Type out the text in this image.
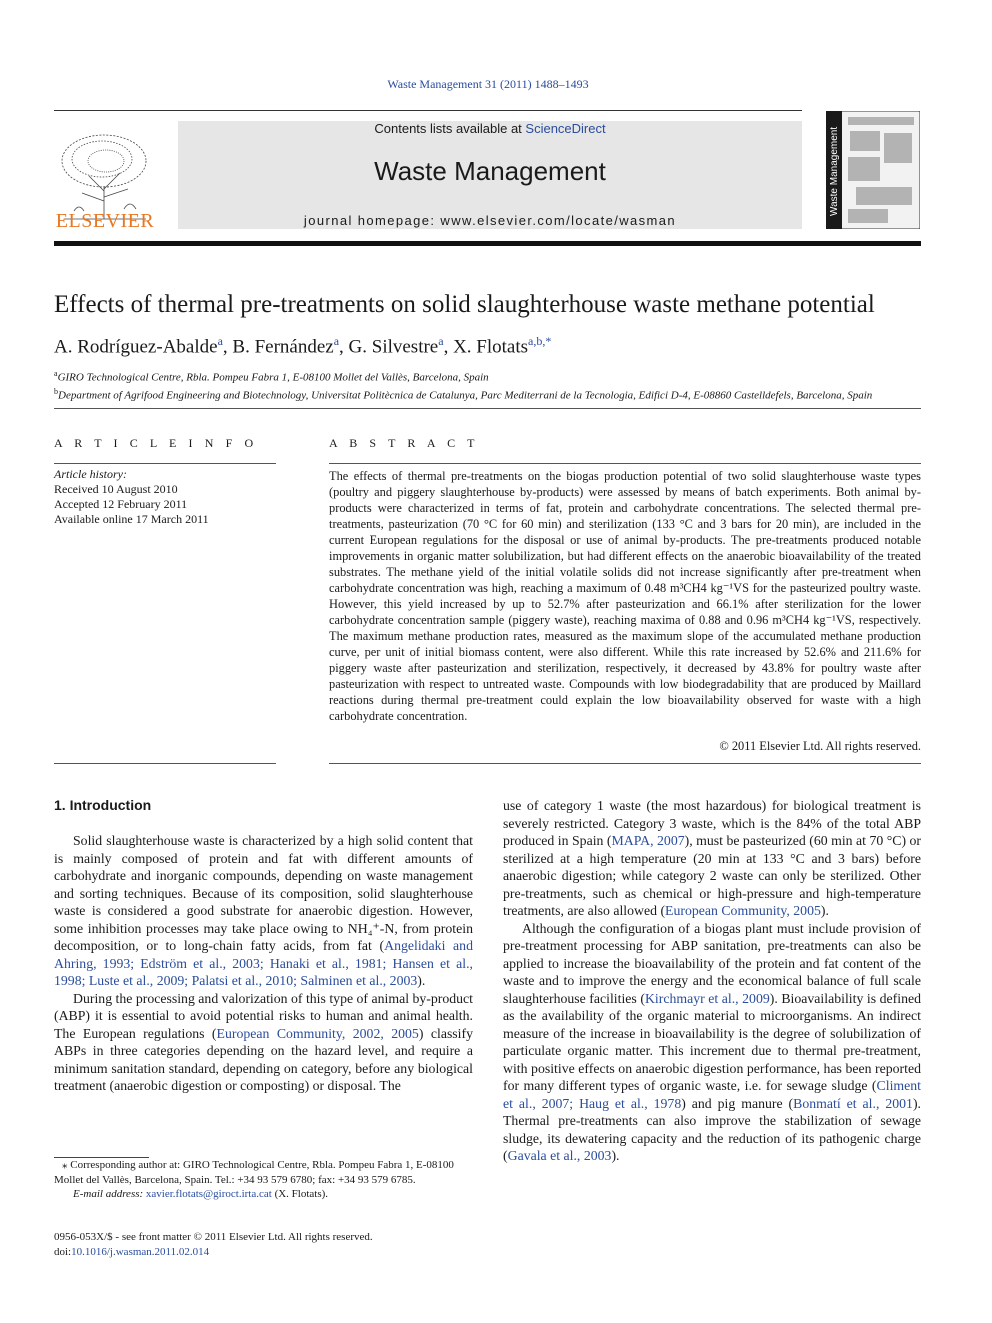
Waste Management 31 (2011) 1488–1493
ELSEVIER
Contents lists available at ScienceDirect
Waste Management
journal homepage: www.elsevier.com/locate/wasman
Waste Management
Effects of thermal pre-treatments on solid slaughterhouse waste methane potential
A. Rodríguez-Abalde$^a$, B. Fernández$^a$, G. Silvestre$^a$, X. Flotats$^{a,b,*}$
$^a$GIRO Technological Centre, Rbla. Pompeu Fabra 1, E-08100 Mollet del Vallès, Barcelona, Spain
$^b$Department of Agrifood Engineering and Biotechnology, Universitat Politècnica de Catalunya, Parc Mediterrani de la Tecnologia, Edifici D-4, E-08860 Castelldefels, Barcelona, Spain
A R T I C L E I N F O
Article history:
Received 10 August 2010
Accepted 12 February 2011
Available online 17 March 2011
A B S T R A C T

The effects of thermal pre-treatments on the biogas production potential of two solid slaughterhouse waste types (poultry and piggery slaughterhouse by-products) were assessed by means of batch experiments. Both animal by-products were characterized in terms of fat, protein and carbohydrate concentrations. The selected thermal pre-treatments, pasteurization (70 °C for 60 min) and sterilization (133 °C and 3 bars for 20 min), are included in the current European regulations for the disposal or use of animal by-products. The pre-treatments produced notable improvements in organic matter solubilization, but had different effects on the anaerobic bioavailability of the treated substrates. The methane yield of the initial volatile solids did not increase significantly after pre-treatment when carbohydrate concentration was high, reaching a maximum of 0.48 m³CH4 kg⁻¹VS for the pasteurized poultry waste. However, this yield increased by up to 52.7% after pasteurization and 66.1% after sterilization for the lower carbohydrate concentration sample (piggery waste), reaching maxima of 0.88 and 0.96 m³CH4 kg⁻¹VS, respectively. The maximum methane production rates, measured as the maximum slope of the accumulated methane production curve, per unit of initial biomass content, were also different. While this rate increased by 52.6% and 211.6% for piggery waste after pasteurization and sterilization, respectively, it decreased by 43.8% for poultry waste after pasteurization with respect to untreated waste. Compounds with low biodegradability that are produced by Maillard reactions during thermal pre-treatment could explain the low bioavailability observed for waste with a high carbohydrate concentration.

© 2011 Elsevier Ltd. All rights reserved.
1. Introduction

Solid slaughterhouse waste is characterized by a high solid content that is mainly composed of protein and fat with different amounts of carbohydrate and inorganic compounds, depending on waste management and sorting techniques. Because of its composition, solid slaughterhouse waste is considered a good substrate for anaerobic digestion. However, some inhibition processes may take place owing to NH₄⁺-N, from protein decomposition, or to long-chain fatty acids, from fat (Angelidaki and Ahring, 1993; Edström et al., 2003; Hanaki et al., 1981; Hansen et al., 1998; Luste et al., 2009; Palatsi et al., 2010; Salminen et al., 2003).

During the processing and valorization of this type of animal by-product (ABP) it is essential to avoid potential risks to human and animal health. The European regulations (European Community, 2002, 2005) classify ABPs in three categories depending on the hazard level, and require a minimum sanitation standard, depending on category, before any biological treatment (anaerobic digestion or composting) or disposal. The

use of category 1 waste (the most hazardous) for biological treatment is severely restricted. Category 3 waste, which is the 84% of the total ABP produced in Spain (MAPA, 2007), must be pasteurized (60 min at 70 °C) or sterilized at a high temperature (20 min at 133 °C and 3 bars) before anaerobic digestion; while category 2 waste can only be sterilized. Other pre-treatments, such as chemical or high-pressure and high-temperature treatments, are also allowed (European Community, 2005).

Although the configuration of a biogas plant must include provision of pre-treatment processing for ABP sanitation, pre-treatments can also be applied to increase the bioavailability of the protein and fat content of the waste and to improve the energy and the economical balance of full scale slaughterhouse facilities (Kirchmayr et al., 2009). Bioavailability is defined as the availability of the organic material to microorganisms. An indirect measure of the increase in bioavailability is the degree of solubilization of particulate organic matter. This increment due to thermal pre-treatment, with positive effects on anaerobic digestion performance, has been reported for many different types of organic waste, i.e. for sewage sludge (Climent et al., 2007; Haug et al., 1978) and pig manure (Bonmatí et al., 2001). Thermal pre-treatments can also improve the stabilization of sewage sludge, its dewatering capacity and the reduction of its pathogenic charge (Gavala et al., 2003).

⁎ Corresponding author at: GIRO Technological Centre, Rbla. Pompeu Fabra 1, E-08100 Mollet del Vallès, Barcelona, Spain. Tel.: +34 93 579 6780; fax: +34 93 579 6785.

E-mail address: xavier.flotats@giroct.irta.cat (X. Flotats).

0956-053X/$ - see front matter © 2011 Elsevier Ltd. All rights reserved.
doi:10.1016/j.wasman.2011.02.014
